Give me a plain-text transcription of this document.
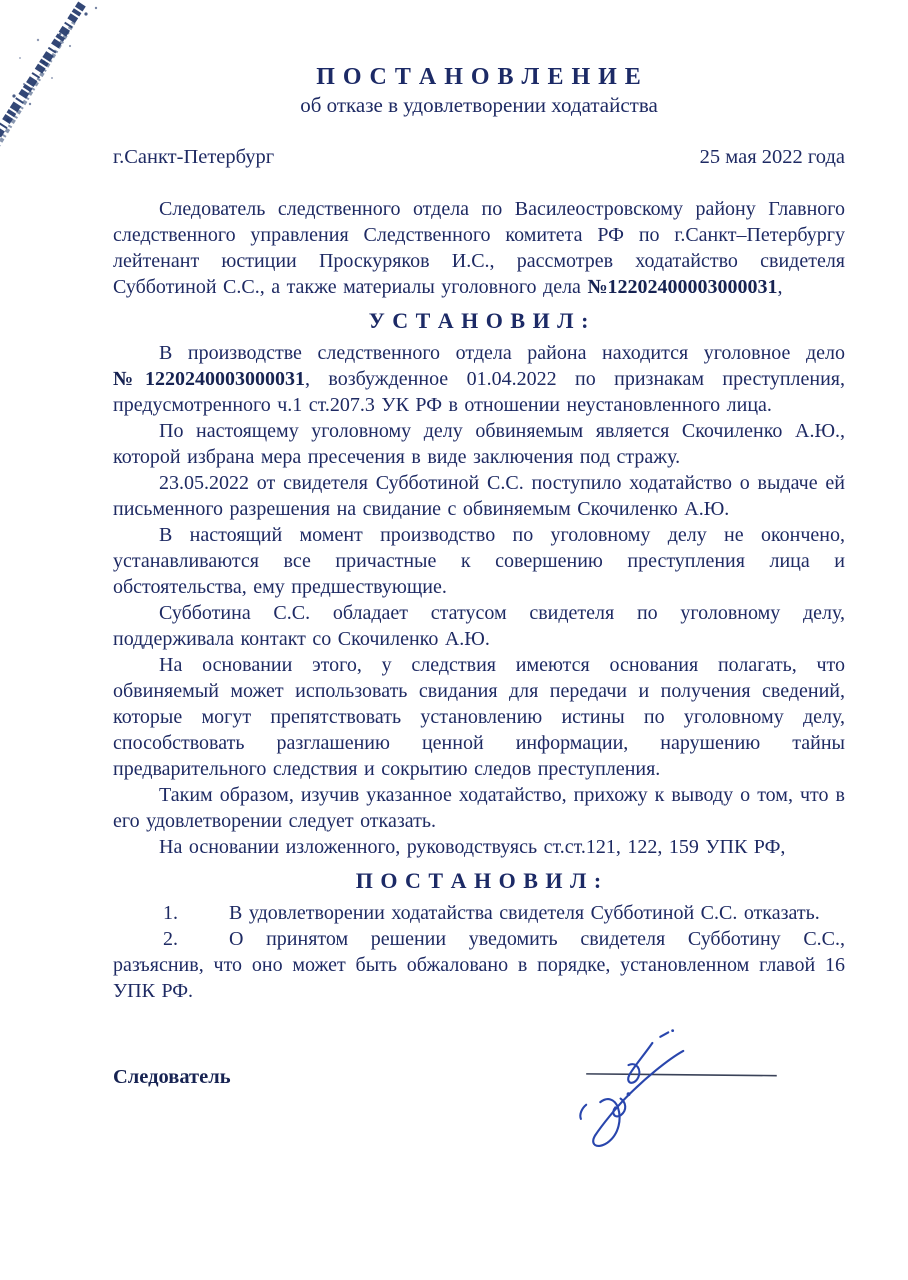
П О С Т А Н О В Л Е Н И Е
об отказе в удовлетворении ходатайства
г.Санкт-Петербург	25 мая 2022 года

Следователь следственного отдела по Василеостровскому району Главного следственного управления Следственного комитета РФ по г.Санкт–Петербургу лейтенант юстиции Проскуряков И.С., рассмотрев ходатайство свидетеля Субботиной С.С., а также материалы уголовного дела №12202400003000031,

У С Т А Н О В И Л :

В производстве следственного отдела района находится уголовное дело №1220240003000031, возбужденное 01.04.2022 по признакам преступления, предусмотренного ч.1 ст.207.3 УК РФ в отношении неустановленного лица.

По настоящему уголовному делу обвиняемым является Скочиленко А.Ю., которой избрана мера пресечения в виде заключения под стражу.

23.05.2022 от свидетеля Субботиной С.С. поступило ходатайство о выдаче ей письменного разрешения на свидание с обвиняемым Скочиленко А.Ю.

В настоящий момент производство по уголовному делу не окончено, устанавливаются все причастные к совершению преступления лица и обстоятельства, ему предшествующие.

Субботина С.С. обладает статусом свидетеля по уголовному делу, поддерживала контакт со Скочиленко А.Ю.

На основании этого, у следствия имеются основания полагать, что обвиняемый может использовать свидания для передачи и получения сведений, которые могут препятствовать установлению истины по уголовному делу, способствовать разглашению ценной информации, нарушению тайны предварительного следствия и сокрытию следов преступления.

Таким образом, изучив указанное ходатайство, прихожу к выводу о том, что в его удовлетворении следует отказать.

На основании изложенного, руководствуясь ст.ст.121, 122, 159 УПК РФ,

П О С Т А Н О В И Л :

1.	В удовлетворении ходатайства свидетеля Субботиной С.С. отказать.

2.	О принятом решении уведомить свидетеля Субботину С.С., разъяснив, что оно может быть обжаловано в порядке, установленном главой 16 УПК РФ.

Следователь
